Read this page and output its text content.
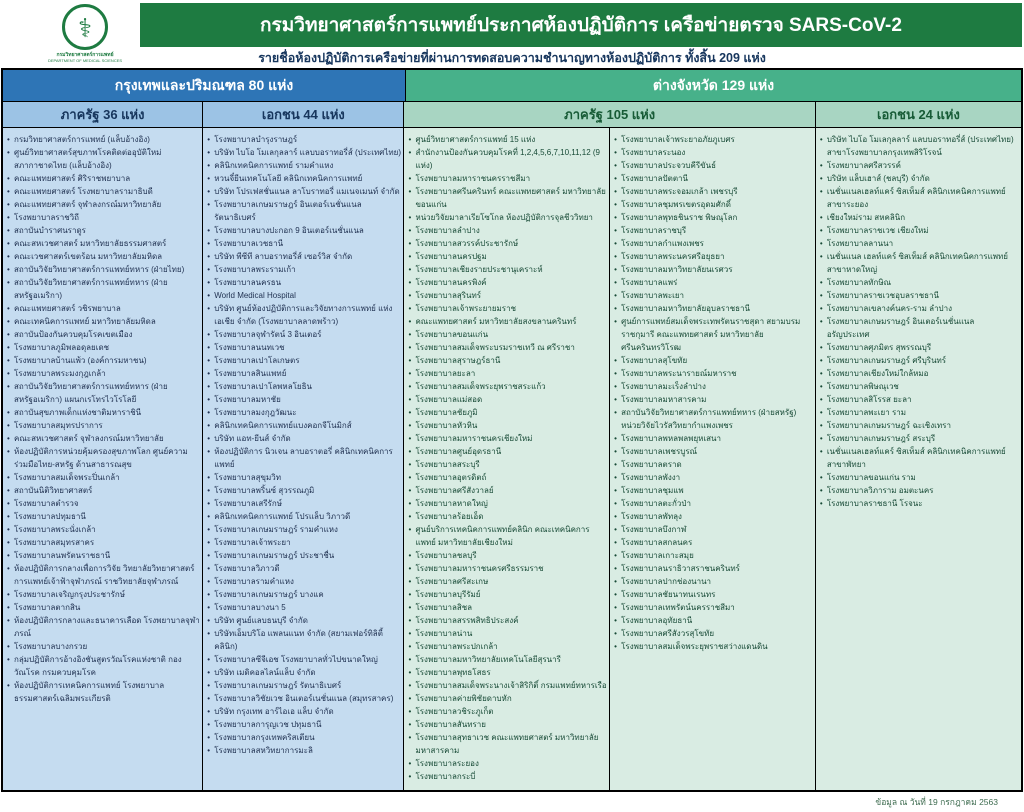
⚕
กรมวิทยาศาสตร์การแพทย์
DEPARTMENT OF MEDICAL SCIENCES
กรมวิทยาศาสตร์การแพทย์ประกาศห้องปฏิบัติการ เครือข่ายตรวจ SARS-CoV-2
รายชื่อห้องปฏิบัติการเครือข่ายที่ผ่านการทดสอบความชำนาญทางห้องปฏิบัติการ ทั้งสิ้น 209 แห่ง
กรุงเทพและปริมณฑล 80 แห่ง	ต่างจังหวัด 129 แห่ง
ภาครัฐ 36 แห่ง	เอกชน 44 แห่ง	ภาครัฐ 105 แห่ง	เอกชน 24 แห่ง
• กรมวิทยาศาสตร์การแพทย์ (แล็บอ้างอิง)
• ศูนย์วิทยาศาสตร์สุขภาพโรคติดต่ออุบัติใหม่ สภากาชาดไทย (แล็บอ้างอิง)
• คณะแพทยศาสตร์ ศิริราชพยาบาล
• คณะแพทยศาสตร์ โรงพยาบาลรามาธิบดี
• คณะแพทยศาสตร์ จุฬาลงกรณ์มหาวิทยาลัย
• โรงพยาบาลราชวิถี
• สถาบันบำราศนราดูร
• คณะสหเวชศาสตร์ มหาวิทยาลัยธรรมศาสตร์
• คณะเวชศาสตร์เขตร้อน มหาวิทยาลัยมหิดล
• สถาบันวิจัยวิทยาศาสตร์การแพทย์ทหาร (ฝ่ายไทย)
• สถาบันวิจัยวิทยาศาสตร์การแพทย์ทหาร (ฝ่ายสหรัฐอเมริกา)
• คณะแพทยศาสตร์ วชิรพยาบาล
• คณะเทคนิคการแพทย์ มหาวิทยาลัยมหิดล
• สถาบันป้องกันควบคุมโรคเขตเมือง
• โรงพยาบาลภูมิพลอดุลยเดช
• โรงพยาบาลบ้านแพ้ว (องค์การมหาชน)
• โรงพยาบาลพระมงกุฎเกล้า
• สถาบันวิจัยวิทยาศาสตร์การแพทย์ทหาร (ฝ่ายสหรัฐอเมริกา) แผนกเรโทรไวโรโลยี
• สถาบันสุขภาพเด็กแห่งชาติมหาราชินี
• โรงพยาบาลสมุทรปราการ
• คณะสหเวชศาสตร์ จุฬาลงกรณ์มหาวิทยาลัย
• ห้องปฏิบัติการหน่วยคุ้มครองสุขภาพโลก ศูนย์ความร่วมมือไทย-สหรัฐ ด้านสาธารณสุข
• โรงพยาบาลสมเด็จพระปิ่นเกล้า
• สถาบันนิติวิทยาศาสตร์
• โรงพยาบาลตำรวจ
• โรงพยาบาลปทุมธานี
• โรงพยาบาลพระนั่งเกล้า
• โรงพยาบาลสมุทรสาคร
• โรงพยาบาลนพรัตนราชธานี
• ห้องปฏิบัติการกลางเพื่อการวิจัย วิทยาลัยวิทยาศาสตร์การแพทย์เจ้าฟ้าจุฬาภรณ์ ราชวิทยาลัยจุฬาภรณ์
• โรงพยาบาลเจริญกรุงประชารักษ์
• โรงพยาบาลตากสิน
• ห้องปฏิบัติการกลางและธนาคารเลือด โรงพยาบาลจุฬาภรณ์
• โรงพยาบาลบางกรวย
• กลุ่มปฏิบัติการอ้างอิงชันสูตรวัณโรคแห่งชาติ กองวัณโรค กรมควบคุมโรค
• ห้องปฏิบัติการเทคนิคการแพทย์ โรงพยาบาลธรรมศาสตร์เฉลิมพระเกียรติ
• โรงพยาบาลบำรุงราษฎร์
• บริษัท ไบโอ โมเลกุลลาร์ แลบบอราทอรี่ส์ (ประเทศไทย)
• คลินิกเทคนิคการแพทย์ รามคำแหง
• หวนจี๋ยีนเทคโนโลยี คลินิกเทคนิคการแพทย์
• บริษัท โปรเฟสชั่นแนล ลาโบราทอรี่ แมเนจเมนท์ จำกัด
• โรงพยาบาลเกษมราษฎร์ อินเตอร์เนชั่นแนล รัตนาธิเบศร์
• โรงพยาบาลบางปะกอก 9 อินเตอร์เนชั่นแนล
• โรงพยาบาลเวชธานี
• บริษัท พีซีที ลาบอราทอรี่ส์ เซอร์วิส จำกัด
• โรงพยาบาลพระรามเก้า
• โรงพยาบาลนครธน
• World Medical Hospital
• บริษัท ศูนย์ห้องปฏิบัติการและวิจัยทางการแพทย์ แห่งเอเชีย จำกัด (โรงพยาบาลลาดพร้าว)
• โรงพยาบาลจุฬารัตน์ 3 อินเตอร์
• โรงพยาบาลนนทเวช
• โรงพยาบาลเปาโลเกษตร
• โรงพยาบาลสินแพทย์
• โรงพยาบาลเปาโลพหลโยธิน
• โรงพยาบาลมหาชัย
• โรงพยาบาลมงกุฎวัฒนะ
• คลินิกเทคนิคการแพทย์แบงคอกจีโนมิกส์
• บริษัท แอท-ยีนส์ จำกัด
• ห้องปฏิบัติการ นิวเจน ลาบอราตอรี่ คลินิกเทคนิคการแพทย์
• โรงพยาบาลสุขุมวิท
• โรงพยาบาลพริ้นซ์ สุวรรณภูมิ
• โรงพยาบาลเสรีรักษ์
• คลินิกเทคนิคการแพทย์ โปรแล็บ วิภาวดี
• โรงพยาบาลเกษมราษฎร์ รามคำแหง
• โรงพยาบาลเจ้าพระยา
• โรงพยาบาลเกษมราษฎร์ ประชาชื่น
• โรงพยาบาลวิภาวดี
• โรงพยาบาลรามคำแหง
• โรงพยาบาลเกษมราษฎร์ บางแค
• โรงพยาบาลบางนา 5
• บริษัท ศูนย์แลบธนบุรี จำกัด
• บริษัทเอ็มบริโอ แพลนแนท จำกัด (สยามเฟอร์ทิลิตี้ คลินิก)
• โรงพยาบาลซีจีเอช โรงพยาบาลทั่วไปขนาดใหญ่
• บริษัท เมดิคอลไลน์แล็บ จำกัด
• โรงพยาบาลเกษมราษฎร์ รัตนาธิเบศร์
• โรงพยาบาลวิชัยเวช อินเตอร์เนชั่นแนล (สมุทรสาคร)
• บริษัท กรุงเทพ อาร์ไอเอ แล็บ จำกัด
• โรงพยาบาลการุญเวช ปทุมธานี
• โรงพยาบาลกรุงเทพคริสเตียน
• โรงพยาบาลสหวิทยาการมะลิ
• ศูนย์วิทยาศาสตร์การแพทย์ 15 แห่ง
• สำนักงานป้องกันควบคุมโรคที่ 1,2,4,5,6,7,10,11,12 (9 แห่ง)
• โรงพยาบาลมหาราชนครราชสีมา
• โรงพยาบาลศรีนครินทร์ คณะแพทยศาสตร์ มหาวิทยาลัยขอนแก่น
• หน่วยวิจัยมาลาเรียโซโกล ห้องปฏิบัติการจุลชีววิทยา
• โรงพยาบาลลำปาง
• โรงพยาบาลสวรรค์ประชารักษ์
• โรงพยาบาลนครปฐม
• โรงพยาบาลเชียงรายประชานุเคราะห์
• โรงพยาบาลนครพิงค์
• โรงพยาบาลสุรินทร์
• โรงพยาบาลเจ้าพระยายมราช
• คณะแพทยศาสตร์ มหาวิทยาลัยสงขลานครินทร์
• โรงพยาบาลขอนแก่น
• โรงพยาบาลสมเด็จพระบรมราชเทวี ณ ศรีราชา
• โรงพยาบาลสุราษฎร์ธานี
• โรงพยาบาลยะลา
• โรงพยาบาลสมเด็จพระยุพราชสระแก้ว
• โรงพยาบาลแม่สอด
• โรงพยาบาลชัยภูมิ
• โรงพยาบาลหัวหิน
• โรงพยาบาลมหาราชนครเชียงใหม่
• โรงพยาบาลศูนย์อุดรธานี
• โรงพยาบาลสระบุรี
• โรงพยาบาลอุตรดิตถ์
• โรงพยาบาลศรีสังวาลย์
• โรงพยาบาลหาดใหญ่
• โรงพยาบาลร้อยเอ็ด
• ศูนย์บริการเทคนิคการแพทย์คลินิก คณะเทคนิคการแพทย์ มหาวิทยาลัยเชียงใหม่
• โรงพยาบาลชลบุรี
• โรงพยาบาลมหาราชนครศรีธรรมราช
• โรงพยาบาลศรีสะเกษ
• โรงพยาบาลบุรีรัมย์
• โรงพยาบาลสิชล
• โรงพยาบาลสรรพสิทธิประสงค์
• โรงพยาบาลน่าน
• โรงพยาบาลพระปกเกล้า
• โรงพยาบาลมหาวิทยาลัยเทคโนโลยีสุรนารี
• โรงพยาบาลพุทธโสธร
• โรงพยาบาลสมเด็จพระนางเจ้าสิริกิติ์ กรมแพทย์ทหารเรือ
• โรงพยาบาลค่ายพิชัยดาบหัก
• โรงพยาบาลวชิระภูเก็ต
• โรงพยาบาลสันทราย
• โรงพยาบาลสุทธาเวช คณะแพทยศาสตร์ มหาวิทยาลัยมหาสารคาม
• โรงพยาบาลระยอง
• โรงพยาบาลกระบี่
• โรงพยาบาลเจ้าพระยาอภัยภูเบศร
• โรงพยาบาลระนอง
• โรงพยาบาลประจวบคีรีขันธ์
• โรงพยาบาลปัตตานี
• โรงพยาบาลพระจอมเกล้า เพชรบุรี
• โรงพยาบาลชุมพรเขตรอุดมศักดิ์
• โรงพยาบาลพุทธชินราช พิษณุโลก
• โรงพยาบาลราชบุรี
• โรงพยาบาลกำแพงเพชร
• โรงพยาบาลพระนครศรีอยุธยา
• โรงพยาบาลมหาวิทยาลัยนเรศวร
• โรงพยาบาลแพร่
• โรงพยาบาลพะเยา
• โรงพยาบาลมหาวิทยาลัยอุบลราชธานี
• ศูนย์การแพทย์สมเด็จพระเทพรัตนราชสุดา สยามบรมราชกุมารี คณะแพทยศาสตร์ มหาวิทยาลัยศรีนครินทรวิโรฒ
• โรงพยาบาลสุโขทัย
• โรงพยาบาลพระนารายณ์มหาราช
• โรงพยาบาลมะเร็งลำปาง
• โรงพยาบาลมหาสารคาม
• สถาบันวิจัยวิทยาศาสตร์การแพทย์ทหาร (ฝ่ายสหรัฐ) หน่วยวิจัยไวรัสวิทยากำแพงเพชร
• โรงพยาบาลพหลพลพยุหเสนา
• โรงพยาบาลเพชรบูรณ์
• โรงพยาบาลตราด
• โรงพยาบาลพังงา
• โรงพยาบาลชุมแพ
• โรงพยาบาลตะกั่วป่า
• โรงพยาบาลพัทลุง
• โรงพยาบาลบึงกาฬ
• โรงพยาบาลสกลนคร
• โรงพยาบาลเกาะสมุย
• โรงพยาบาลนราธิวาสราชนครินทร์
• โรงพยาบาลปากช่องนานา
• โรงพยาบาลชัยนาทนเรนทร
• โรงพยาบาลเทพรัตน์นครราชสีมา
• โรงพยาบาลอุทัยธานี
• โรงพยาบาลศรีสังวรสุโขทัย
• โรงพยาบาลสมเด็จพระยุพราชสว่างแดนดิน
• บริษัท ไบโอ โมเลกุลลาร์ แลบบอราทอรี่ส์ (ประเทศไทย) สาขาโรงพยาบาลกรุงเทพสิริโรจน์
• โรงพยาบาลศรีสวรรค์
• บริษัท แล็บเฮาส์ (ชลบุรี) จำกัด
• เนชั่นแนลเฮลท์แคร์ ซิสเท็มส์ คลินิกเทคนิคการแพทย์ สาขาระยอง
• เชียงใหม่ราม สหคลินิก
• โรงพยาบาลราชเวช เชียงใหม่
• โรงพยาบาลลานนา
• เนชั่นแนล เฮลท์แคร์ ซิสเท็มส์ คลินิกเทคนิคการแพทย์ สาขาหาดใหญ่
• โรงพยาบาลทักษิณ
• โรงพยาบาลราชเวชอุบลราชธานี
• โรงพยาบาลเขลางค์นคร-ราม ลำปาง
• โรงพยาบาลเกษมราษฎร์ อินเตอร์เนชั่นแนล อรัญประเทศ
• โรงพยาบาลศุภมิตร สุพรรณบุรี
• โรงพยาบาลเกษมราษฎร์ ศรีบุรินทร์
• โรงพยาบาลเชียงใหม่ใกล้หมอ
• โรงพยาบาลพิษณุเวช
• โรงพยาบาลสิโรรส ยะลา
• โรงพยาบาลพะเยา ราม
• โรงพยาบาลเกษมราษฎร์ ฉะเชิงเทรา
• โรงพยาบาลเกษมราษฎร์ สระบุรี
• เนชั่นแนลเฮลท์แคร์ ซิสเท็มส์ คลินิกเทคนิคการแพทย์ สาขาพัทยา
• โรงพยาบาลขอนแก่น ราม
• โรงพยาบาลวิภาราม อมตะนคร
• โรงพยาบาลราชธานี โรจนะ
ข้อมูล ณ วันที่ 19 กรกฎาคม 2563
